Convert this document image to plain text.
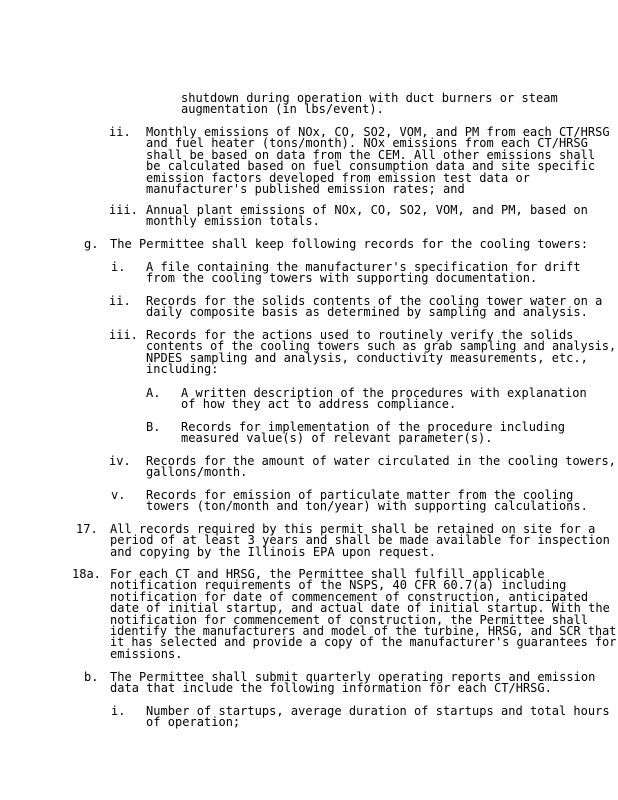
shutdown during operation with duct burners or steam
augmentation (in lbs/event).
ii. Monthly emissions of NOx, CO, SO2, VOM, and PM from each CT/HRSG
and fuel heater (tons/month). NOx emissions from each CT/HRSG
shall be based on data from the CEM. All other emissions shall
be calculated based on fuel consumption data and site specific
emission factors developed from emission test data or
manufacturer's published emission rates; and
iii. Annual plant emissions of NOx, CO, SO2, VOM, and PM, based on
monthly emission totals.
g. The Permittee shall keep following records for the cooling towers:
i. A file containing the manufacturer's specification for drift
from the cooling towers with supporting documentation.
ii. Records for the solids contents of the cooling tower water on a
daily composite basis as determined by sampling and analysis.
iii. Records for the actions used to routinely verify the solids
contents of the cooling towers such as grab sampling and analysis,
NPDES sampling and analysis, conductivity measurements, etc.,
including:
A. A written description of the procedures with explanation
of how they act to address compliance.
B. Records for implementation of the procedure including
measured value(s) of relevant parameter(s).
iv. Records for the amount of water circulated in the cooling towers,
gallons/month.
v. Records for emission of particulate matter from the cooling
towers (ton/month and ton/year) with supporting calculations.
17. All records required by this permit shall be retained on site for a
period of at least 3 years and shall be made available for inspection
and copying by the Illinois EPA upon request.
18a. For each CT and HRSG, the Permittee shall fulfill applicable
notification requirements of the NSPS, 40 CFR 60.7(a) including
notification for date of commencement of construction, anticipated
date of initial startup, and actual date of initial startup. With the
notification for commencement of construction, the Permittee shall
identify the manufacturers and model of the turbine, HRSG, and SCR that
it has selected and provide a copy of the manufacturer's guarantees for
emissions.
b. The Permittee shall submit quarterly operating reports and emission
data that include the following information for each CT/HRSG.
i. Number of startups, average duration of startups and total hours
of operation;
